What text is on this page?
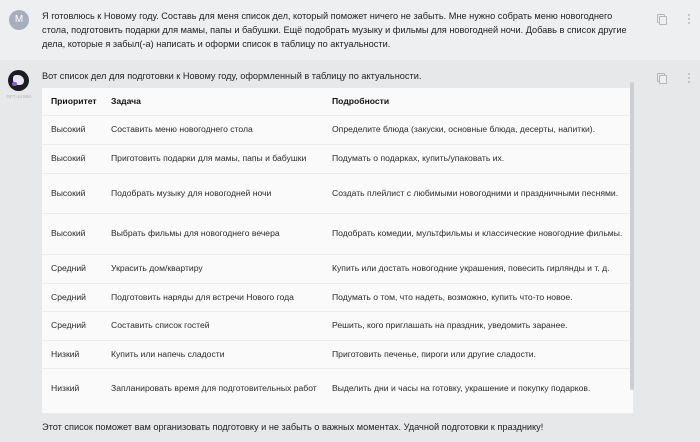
M	Я готовлюсь к Новому году. Составь для меня список дел, который поможет ничего не забыть. Мне нужно собрать меню новогоднего стола, подготовить подарки для мамы, папы и бабушки. Ещё подобрать музыку и фильмы для новогодней ночи. Добавь в список другие дела, которые я забыл(-а) написать и оформи список в таблицу по актуальности.
GPT-4o Mini
Вот список дел для подготовки к Новому году, оформленный в таблицу по актуальности.
Приоритет	Задача	Подробности
Высокий	Составить меню новогоднего стола	Определите блюда (закуски, основные блюда, десерты, напитки).
Высокий	Приготовить подарки для мамы, папы и бабушки	Подумать о подарках, купить/упаковать их.
Высокий	Подобрать музыку для новогодней ночи	Создать плейлист с любимыми новогодними и праздничными песнями.
Высокий	Выбрать фильмы для новогоднего вечера	Подобрать комедии, мультфильмы и классические новогодние фильмы.
Средний	Украсить дом/квартиру	Купить или достать новогодние украшения, повесить гирлянды и т. д.
Средний	Подготовить наряды для встречи Нового года	Подумать о том, что надеть, возможно, купить что-то новое.
Средний	Составить список гостей	Решить, кого приглашать на праздник, уведомить заранее.
Низкий	Купить или напечь сладости	Приготовить печенье, пироги или другие сладости.
Низкий	Запланировать время для подготовительных работ	Выделить дни и часы на готовку, украшение и покупку подарков.
Этот список поможет вам организовать подготовку и не забыть о важных моментах. Удачной подготовки к празднику!
